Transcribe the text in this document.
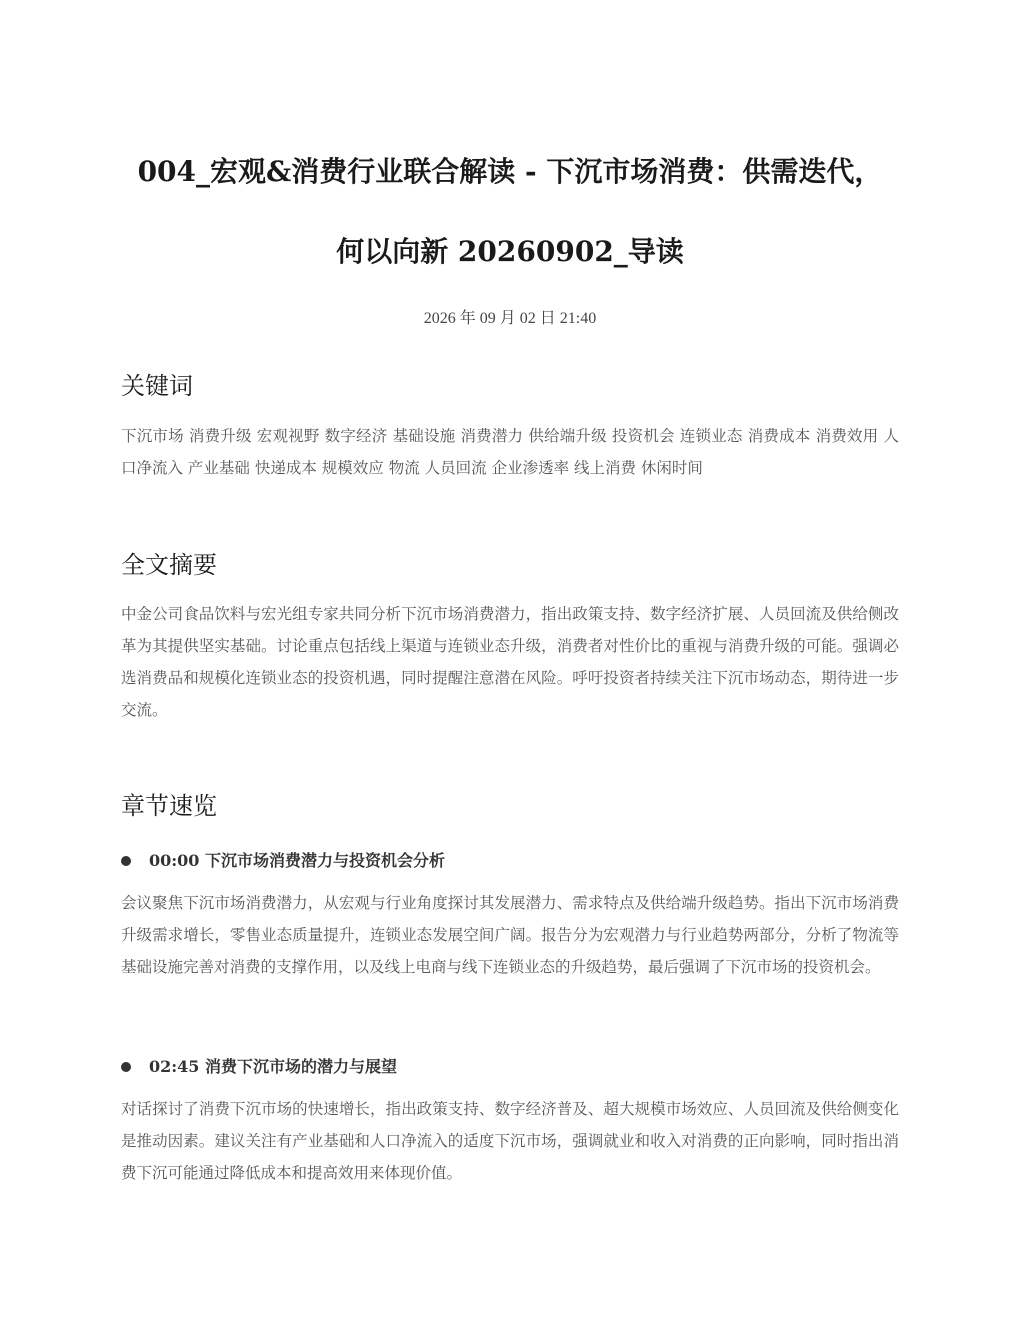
004_宏观&消费行业联合解读 - 下沉市场消费：供需迭代，
何以向新 20260902_导读
2026 年 09 月 02 日 21:40
关键词
下沉市场 消费升级 宏观视野 数字经济 基础设施 消费潜力 供给端升级 投资机会 连锁业态 消费成本 消费效用 人口净流入 产业基础 快递成本 规模效应 物流 人员回流 企业渗透率 线上消费 休闲时间
全文摘要
中金公司食品饮料与宏光组专家共同分析下沉市场消费潜力，指出政策支持、数字经济扩展、人员回流及供给侧改革为其提供坚实基础。讨论重点包括线上渠道与连锁业态升级，消费者对性价比的重视与消费升级的可能。强调必选消费品和规模化连锁业态的投资机遇，同时提醒注意潜在风险。呼吁投资者持续关注下沉市场动态，期待进一步交流。
章节速览
00:00 下沉市场消费潜力与投资机会分析
会议聚焦下沉市场消费潜力，从宏观与行业角度探讨其发展潜力、需求特点及供给端升级趋势。指出下沉市场消费升级需求增长，零售业态质量提升，连锁业态发展空间广阔。报告分为宏观潜力与行业趋势两部分，分析了物流等基础设施完善对消费的支撑作用，以及线上电商与线下连锁业态的升级趋势，最后强调了下沉市场的投资机会。
02:45 消费下沉市场的潜力与展望
对话探讨了消费下沉市场的快速增长，指出政策支持、数字经济普及、超大规模市场效应、人员回流及供给侧变化是推动因素。建议关注有产业基础和人口净流入的适度下沉市场，强调就业和收入对消费的正向影响，同时指出消费下沉可能通过降低成本和提高效用来体现价值。
